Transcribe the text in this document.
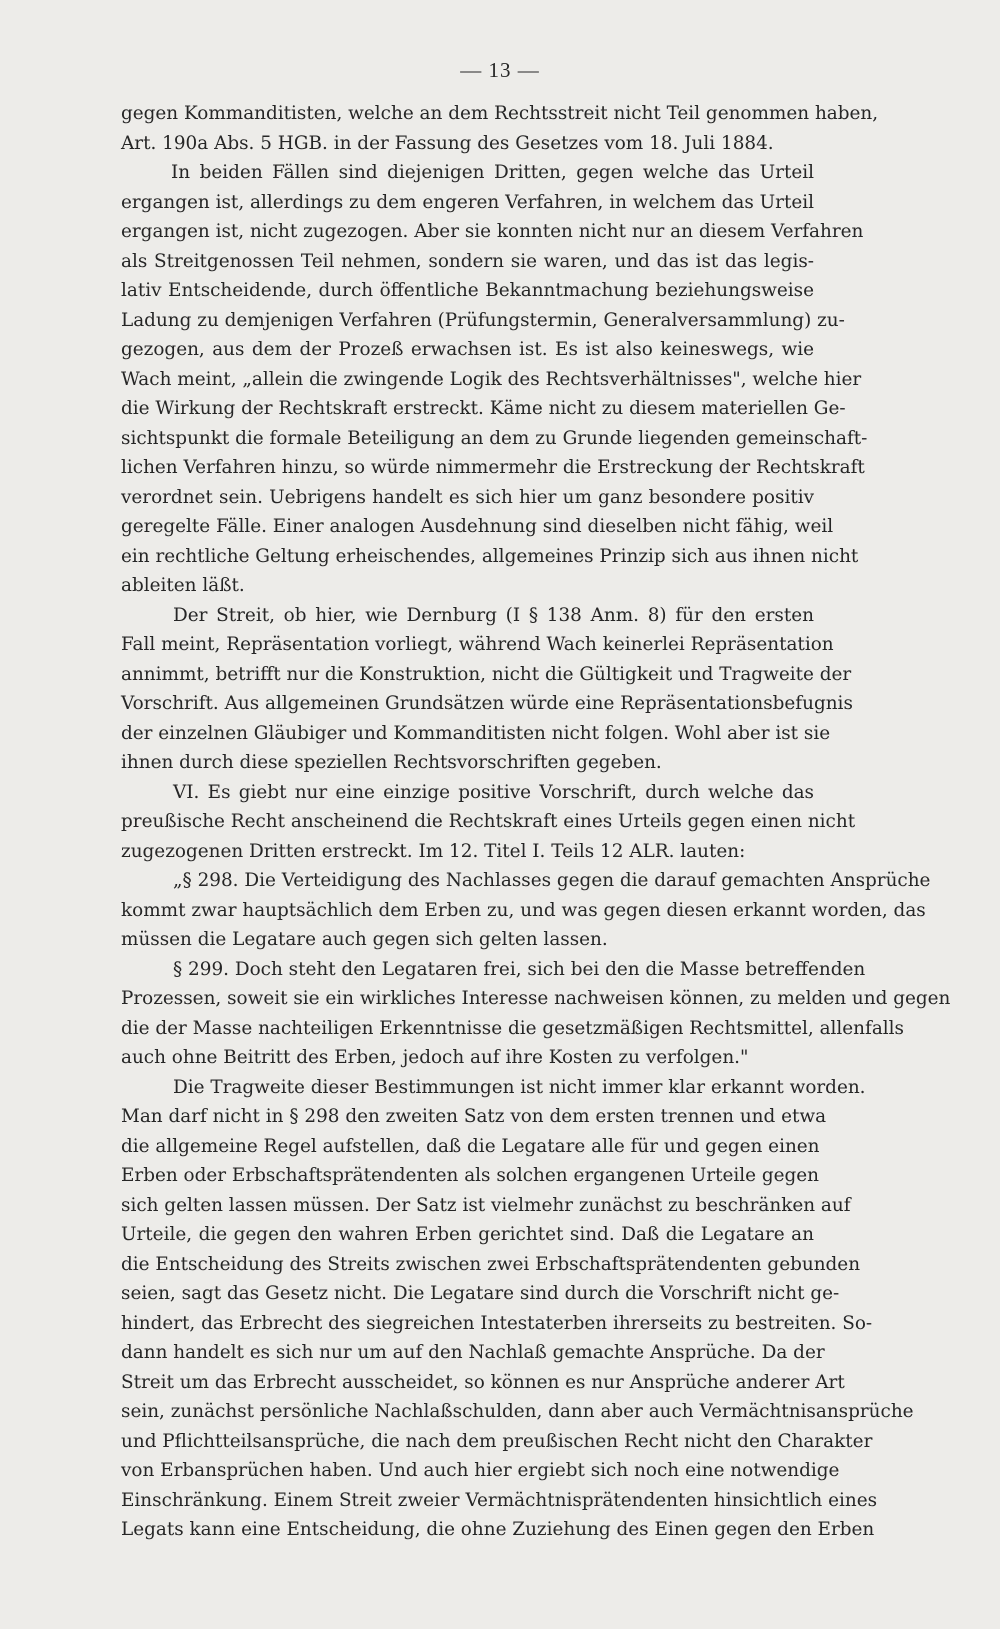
— 13 —
gegen Kommanditisten, welche an dem Rechtsstreit nicht Teil genommen haben,
Art. 190a Abs. 5 HGB. in der Fassung des Gesetzes vom 18. Juli 1884.
In beiden Fällen sind diejenigen Dritten, gegen welche das Urteil
ergangen ist, allerdings zu dem engeren Verfahren, in welchem das Urteil
ergangen ist, nicht zugezogen. Aber sie konnten nicht nur an diesem Verfahren
als Streitgenossen Teil nehmen, sondern sie waren, und das ist das legis-
lativ Entscheidende, durch öffentliche Bekanntmachung beziehungsweise
Ladung zu demjenigen Verfahren (Prüfungstermin, Generalversammlung) zu-
gezogen, aus dem der Prozeß erwachsen ist. Es ist also keineswegs, wie
Wach meint, „allein die zwingende Logik des Rechtsverhältnisses", welche hier
die Wirkung der Rechtskraft erstreckt. Käme nicht zu diesem materiellen Ge-
sichtspunkt die formale Beteiligung an dem zu Grunde liegenden gemeinschaft-
lichen Verfahren hinzu, so würde nimmermehr die Erstreckung der Rechtskraft
verordnet sein. Uebrigens handelt es sich hier um ganz besondere positiv
geregelte Fälle. Einer analogen Ausdehnung sind dieselben nicht fähig, weil
ein rechtliche Geltung erheischendes, allgemeines Prinzip sich aus ihnen nicht
ableiten läßt.
Der Streit, ob hier, wie Dernburg (I § 138 Anm. 8) für den ersten
Fall meint, Repräsentation vorliegt, während Wach keinerlei Repräsentation
annimmt, betrifft nur die Konstruktion, nicht die Gültigkeit und Tragweite der
Vorschrift. Aus allgemeinen Grundsätzen würde eine Repräsentationsbefugnis
der einzelnen Gläubiger und Kommanditisten nicht folgen. Wohl aber ist sie
ihnen durch diese speziellen Rechtsvorschriften gegeben.
VI. Es giebt nur eine einzige positive Vorschrift, durch welche das
preußische Recht anscheinend die Rechtskraft eines Urteils gegen einen nicht
zugezogenen Dritten erstreckt. Im 12. Titel I. Teils 12 ALR. lauten:
„§ 298. Die Verteidigung des Nachlasses gegen die darauf gemachten Ansprüche
kommt zwar hauptsächlich dem Erben zu, und was gegen diesen erkannt worden, das
müssen die Legatare auch gegen sich gelten lassen.
§ 299. Doch steht den Legataren frei, sich bei den die Masse betreffenden
Prozessen, soweit sie ein wirkliches Interesse nachweisen können, zu melden und gegen
die der Masse nachteiligen Erkenntnisse die gesetzmäßigen Rechtsmittel, allenfalls
auch ohne Beitritt des Erben, jedoch auf ihre Kosten zu verfolgen."
Die Tragweite dieser Bestimmungen ist nicht immer klar erkannt worden.
Man darf nicht in § 298 den zweiten Satz von dem ersten trennen und etwa
die allgemeine Regel aufstellen, daß die Legatare alle für und gegen einen
Erben oder Erbschaftsprätendenten als solchen ergangenen Urteile gegen
sich gelten lassen müssen. Der Satz ist vielmehr zunächst zu beschränken auf
Urteile, die gegen den wahren Erben gerichtet sind. Daß die Legatare an
die Entscheidung des Streits zwischen zwei Erbschaftsprätendenten gebunden
seien, sagt das Gesetz nicht. Die Legatare sind durch die Vorschrift nicht ge-
hindert, das Erbrecht des siegreichen Intestaterben ihrerseits zu bestreiten. So-
dann handelt es sich nur um auf den Nachlaß gemachte Ansprüche. Da der
Streit um das Erbrecht ausscheidet, so können es nur Ansprüche anderer Art
sein, zunächst persönliche Nachlaßschulden, dann aber auch Vermächtnisansprüche
und Pflichtteilsansprüche, die nach dem preußischen Recht nicht den Charakter
von Erbansprüchen haben. Und auch hier ergiebt sich noch eine notwendige
Einschränkung. Einem Streit zweier Vermächtnisprätendenten hinsichtlich eines
Legats kann eine Entscheidung, die ohne Zuziehung des Einen gegen den Erben
